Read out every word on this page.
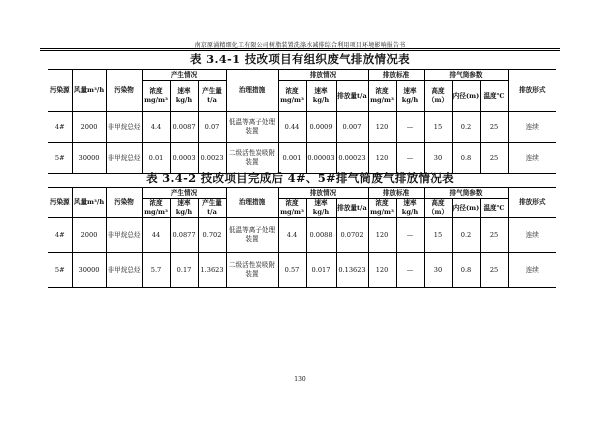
南京原涌精细化工有限公司树脂装置洗涤水减排综合利用项目环境影响报告书
表 3.4-1 技改项目有组织废气排放情况表
污染源	风量m³/h	污染物	产生情况			治理措施	排放情况			排放标准		排气筒参数			排放形式
			浓度mg/m³	速率kg/h	产生量t/a		浓度mg/m³	速率kg/h	排放量t/a	浓度mg/m³	速率kg/h	高度（m）	内径(m)	温度℃	
4#	2000	非甲烷总烃	4.4	0.0087	0.07	低温等离子处理装置	0.44	0.0009	0.007	120	—	15	0.2	25	连续
5#	30000	非甲烷总烃	0.01	0.0003	0.0023	二级活性炭吸附装置	0.001	0.00003	0.00023	120	—	30	0.8	25	连续
表 3.4-2 技改项目完成后 4#、5#排气筒废气排放情况表
污染源	风量m³/h	污染物	产生情况			治理措施	排放情况			排放标准		排气筒参数			排放形式
			浓度mg/m³	速率kg/h	产生量t/a		浓度mg/m³	速率kg/h	排放量t/a	浓度mg/m³	速率kg/h	高度（m）	内径(m)	温度℃	
4#	2000	非甲烷总烃	44	0.0877	0.702	低温等离子处理装置	4.4	0.0088	0.0702	120	—	15	0.2	25	连续
5#	30000	非甲烷总烃	5.7	0.17	1.3623	二级活性炭吸附装置	0.57	0.017	0.13623	120	—	30	0.8	25	连续
130
